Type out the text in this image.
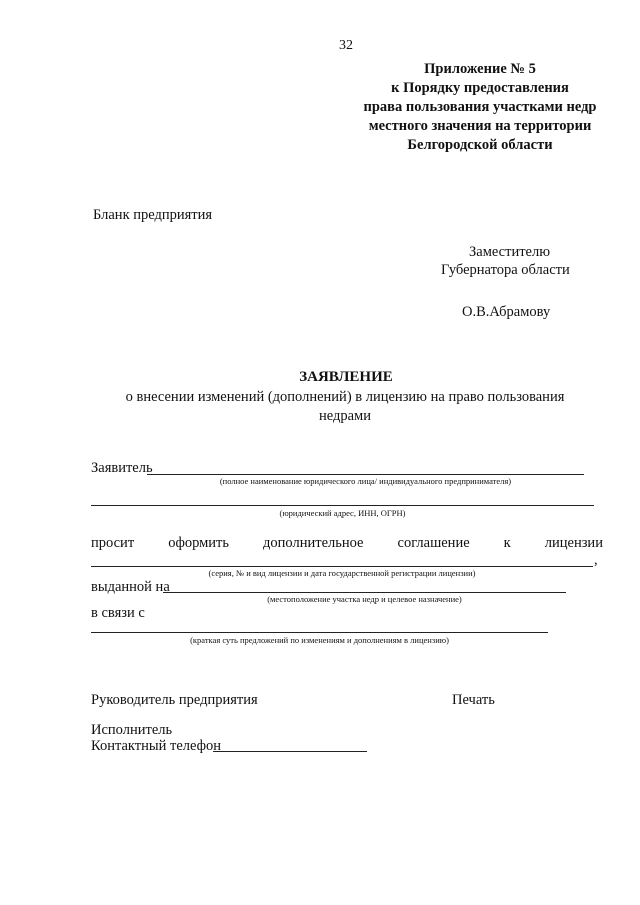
32
Приложение № 5
к Порядку предоставления
права пользования участками недр
местного значения на территории
Белгородской области
Бланк предприятия
Заместителю
Губернатора области
О.В.Абрамову
ЗАЯВЛЕНИЕ
о внесении изменений (дополнений) в лицензию на право пользования
недрами
Заявитель
(полное наименование юридического лица/ индивидуального предпринимателя)
(юридический адрес, ИНН, ОГРН)
просит оформить дополнительное соглашение к лицензии
,
(серия, № и вид лицензии и дата государственной регистрации лицензии)
выданной на
(местоположение участка недр и целевое назначение)
в связи с
(краткая суть предложений по изменениям и дополнениям в лицензию)
Руководитель предприятия	Печать
Исполнитель
Контактный телефон
